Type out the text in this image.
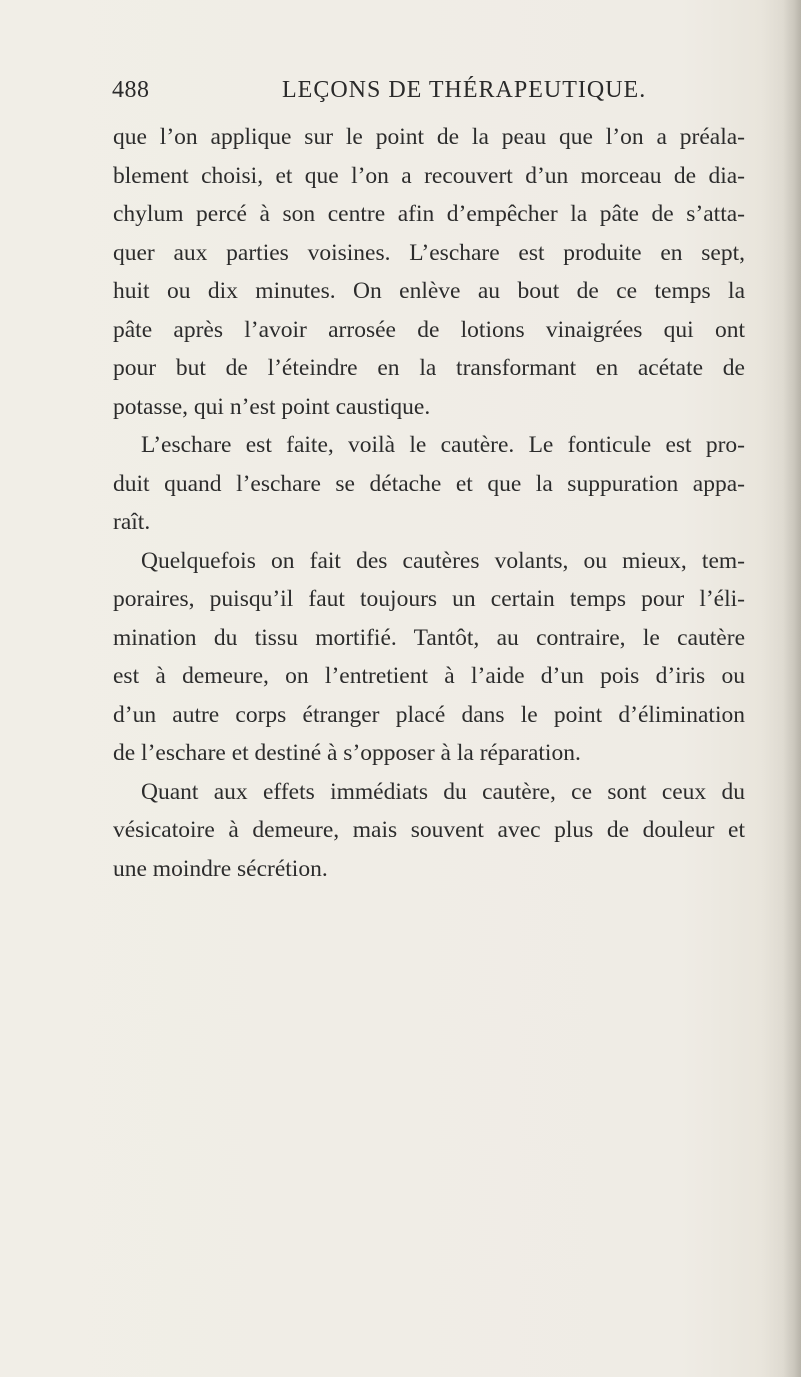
488	LEÇONS DE THÉRAPEUTIQUE.
que l’on applique sur le point de la peau que l’on a préala-
blement choisi, et que l’on a recouvert d’un morceau de dia-
chylum percé à son centre afin d’empêcher la pâte de s’atta-
quer aux parties voisines. L’eschare est produite en sept,
huit ou dix minutes. On enlève au bout de ce temps la
pâte après l’avoir arrosée de lotions vinaigrées qui ont
pour but de l’éteindre en la transformant en acétate de
potasse, qui n’est point caustique.
L’eschare est faite, voilà le cautère. Le fonticule est pro-
duit quand l’eschare se détache et que la suppuration appa-
raît.
Quelquefois on fait des cautères volants, ou mieux, tem-
poraires, puisqu’il faut toujours un certain temps pour l’éli-
mination du tissu mortifié. Tantôt, au contraire, le cautère
est à demeure, on l’entretient à l’aide d’un pois d’iris ou
d’un autre corps étranger placé dans le point d’élimination
de l’eschare et destiné à s’opposer à la réparation.
Quant aux effets immédiats du cautère, ce sont ceux du
vésicatoire à demeure, mais souvent avec plus de douleur et
une moindre sécrétion.
